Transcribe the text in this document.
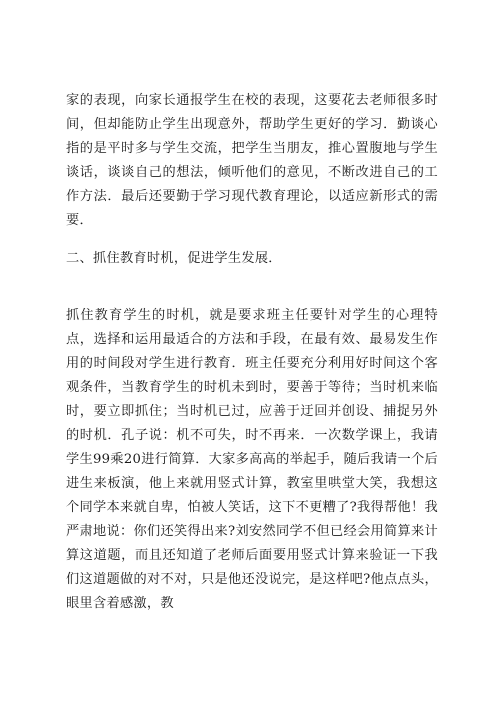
家的表现，向家长通报学生在校的表现，这要花去老师很多时间，但却能防止学生出现意外，帮助学生更好的学习．勤谈心指的是平时多与学生交流，把学生当朋友，推心置腹地与学生谈话，谈谈自己的想法，倾听他们的意见，不断改进自己的工作方法．最后还要勤于学习现代教育理论，以适应新形式的需要．

二、抓住教育时机，促进学生发展．

抓住教育学生的时机，就是要求班主任要针对学生的心理特点，选择和运用最适合的方法和手段，在最有效、最易发生作用的时间段对学生进行教育．班主任要充分利用好时间这个客观条件，当教育学生的时机未到时，要善于等待；当时机来临时，要立即抓住；当时机已过，应善于迂回并创设、捕捉另外的时机．孔子说：机不可失，时不再来．一次数学课上，我请学生99乘20进行简算．大家多高高的举起手，随后我请一个后进生来板演，他上来就用竖式计算，教室里哄堂大笑，我想这个同学本来就自卑，怕被人笑话，这下不更糟了?我得帮他！我严肃地说：你们还笑得出来?刘安然同学不但已经会用简算来计算这道题，而且还知道了老师后面要用竖式计算来验证一下我们这道题做的对不对，只是他还没说完，是这样吧?他点点头，眼里含着感激，教
